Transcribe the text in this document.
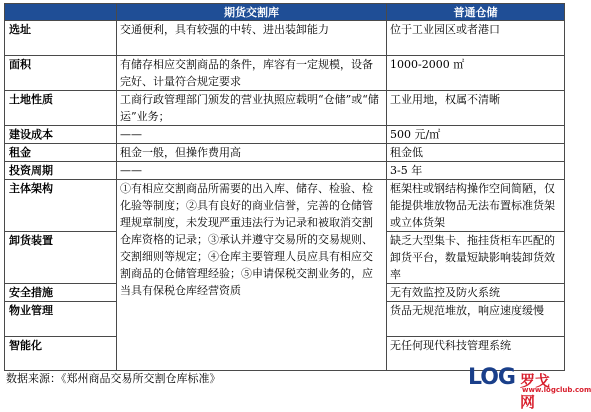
	期货交割库	普通仓储
选址	交通便利，具有较强的中转、进出装卸能力	位于工业园区或者港口
面积	有储存相应交割商品的条件，库容有一定规模，设备完好、计量符合规定要求	1000-2000 ㎡
土地性质	工商行政管理部门颁发的营业执照应载明“仓储”或“储运”业务；	工业用地，权属不清晰
建设成本	——	500 元/㎡
租金	租金一般，但操作费用高	租金低
投资周期	——	3-5 年
主体架构	①有相应交割商品所需要的出入库、储存、检验、检化验等制度；②具有良好的商业信誉，完善的仓储管理规章制度，未发现严重违法行为记录和被取消交割仓库资格的记录；③承认并遵守交易所的交易规则、交割细则等规定；④仓库主要管理人员应具有相应交割商品的仓储管理经验；⑤申请保税交割业务的，应当具有保税仓库经营资质	框架柱或钢结构操作空间简陋，仅能提供堆放物品无法布置标准货架或立体货架
卸货装置		缺乏大型集卡、拖挂货柜车匹配的卸货平台，数量短缺影响装卸货效率
安全措施		无有效监控及防火系统
物业管理		货品无规范堆放，响应速度缓慢
智能化		无任何现代科技管理系统
数据来源：《郑州商品交易所交割仓库标准》	LOG 罗戈网
www.logclub.com
